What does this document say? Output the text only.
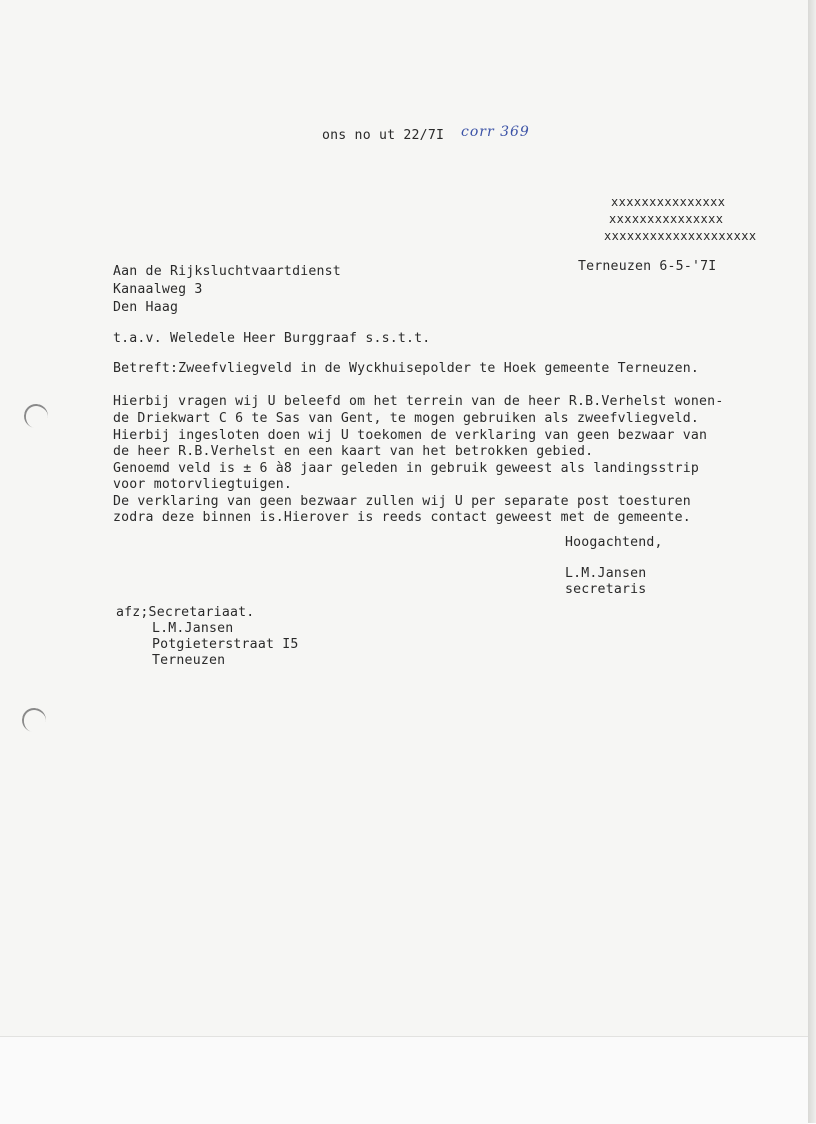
ons no ut 22/7I corr 369
xxxxxxxxxxxxxxx
xxxxxxxxxxxxxxx
xxxxxxxxxxxxxxxxxxxx
Terneuzen 6-5-'7I
Aan de Rijksluchtvaartdienst
Kanaalweg 3
Den Haag
t.a.v. Weledele Heer Burggraaf s.s.t.t.
Betreft:Zweefvliegveld in de Wyckhuisepolder te Hoek gemeente Terneuzen.
Hierbij vragen wij U beleefd om het terrein van de heer R.B.Verhelst wonen-
de Driekwart C 6 te Sas van Gent, te mogen gebruiken als zweefvliegveld.
Hierbij ingesloten doen wij U toekomen de verklaring van geen bezwaar van
de heer R.B.Verhelst en een kaart van het betrokken gebied.
Genoemd veld is ± 6 à8 jaar geleden in gebruik geweest als landingsstrip
voor motorvliegtuigen.
De verklaring van geen bezwaar zullen wij U per separate post toesturen
zodra deze binnen is.Hierover is reeds contact geweest met de gemeente.
Hoogachtend,
L.M.Jansen
secretaris
afz;Secretariaat.
L.M.Jansen
Potgieterstraat I5
Terneuzen
